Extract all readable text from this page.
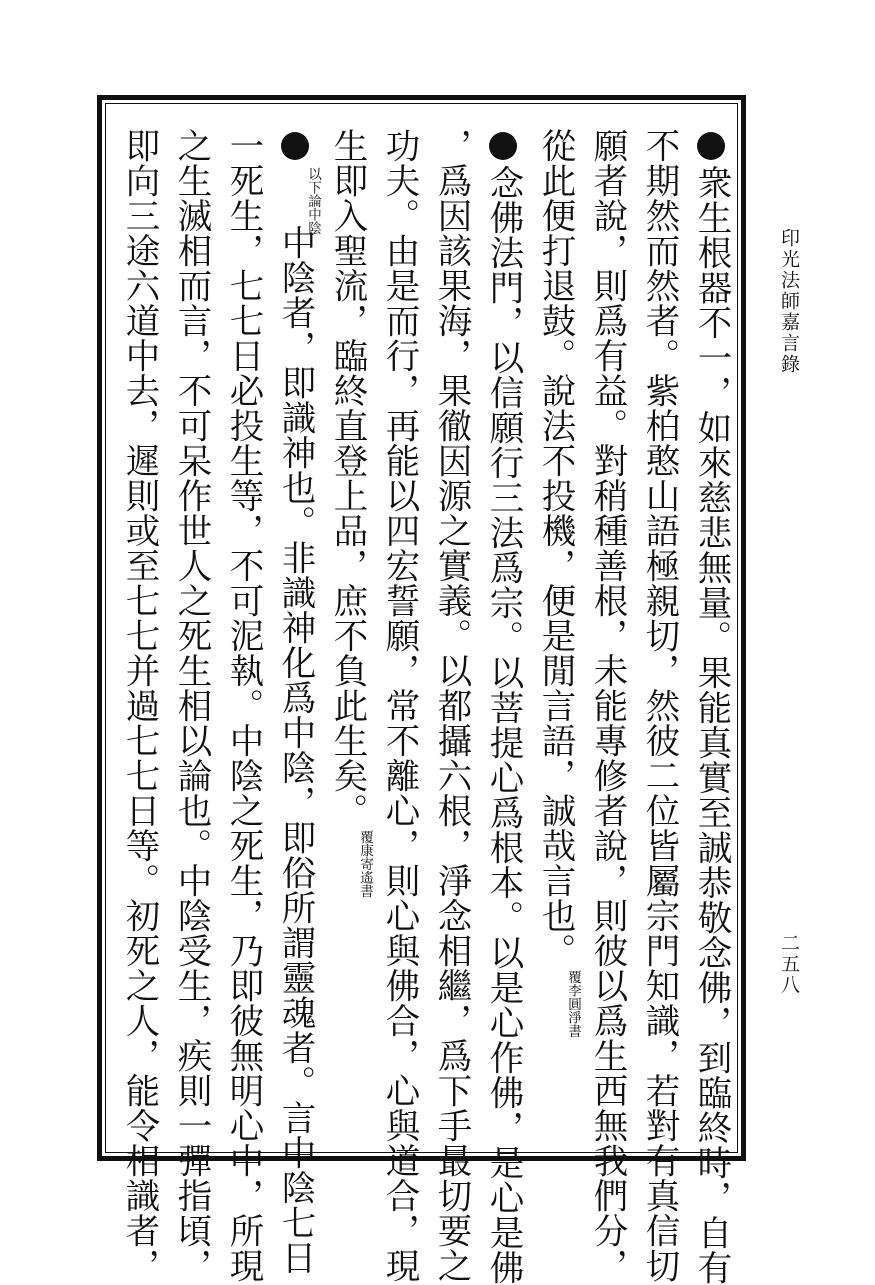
印光法師嘉言錄
二五八
衆生根器不一，如來慈悲無量。果能真實至誠恭敬念佛，到臨終時，自有
不期然而然者。紫柏憨山語極親切，然彼二位皆屬宗門知識，若對有真信切
願者說，則爲有益。對稍種善根，未能專修者說，則彼以爲生西無我們分，
從此便打退鼓。說法不投機，便是閒言語，誠哉言也。覆李圓淨書
念佛法門，以信願行三法爲宗。以菩提心爲根本。以是心作佛，是心是佛
，爲因該果海，果徹因源之實義。以都攝六根，淨念相繼，爲下手最切要之
功夫。由是而行，再能以四宏誓願，常不離心，則心與佛合，心與道合，現
生即入聖流，臨終直登上品，庶不負此生矣。覆康寄遙書
以下論中陰中陰者，即識神也。非識神化爲中陰，即俗所謂靈魂者。言中陰七日
一死生，七七日必投生等，不可泥執。中陰之死生，乃即彼無明心中，所現
之生滅相而言，不可呆作世人之死生相以論也。中陰受生，疾則一彈指頃，
即向三途六道中去，遲則或至七七并過七七日等。初死之人，能令相識者，
